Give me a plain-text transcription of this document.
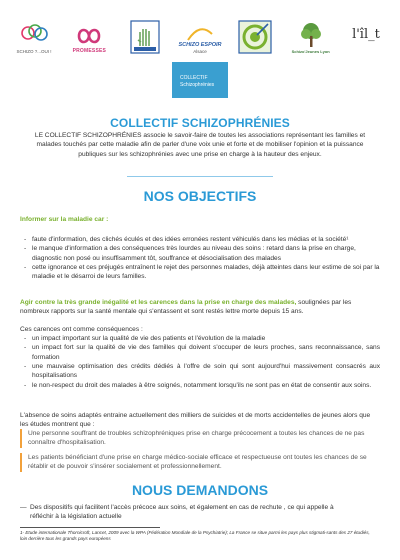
SCHIZO ?...OUI !	PROMESSES
SCHIZO ESPOIR
Alsace	Schizo'Jeunes Lyon
l'îl_t
COLLECTIF
Schizophrénies
COLLECTIF SCHIZOPHRÉNIES

LE COLLECTIF SCHIZOPHRÉNIES associe le savoir-faire de toutes les associations représentant les familles et malades touchés par cette maladie afin de parler d'une voix unie et forte et de mobiliser l'opinion et la puissance publiques sur les schizophrénies avec une prise en charge à la hauteur des enjeux.

NOS OBJECTIFS
Informer sur la maladie car :
- faute d'information, des clichés éculés et des idées erronées restent véhiculés dans les médias et la société¹
- le manque d'information a des conséquences très lourdes au niveau des soins : retard dans la prise en charge, diagnostic non posé ou insuffisamment tôt, souffrance et désocialisation des malades
- cette ignorance et ces préjugés entraînent le rejet des personnes malades, déjà atteintes dans leur estime de soi par la maladie et le désarroi de leurs familles.

Agir contre la très grande inégalité et les carences dans la prise en charge des malades, soulignées par les nombreux rapports sur la santé mentale qui s'entassent et sont restés lettre morte depuis 15 ans.

Ces carences ont comme conséquences :

- un impact important sur la qualité de vie des patients et l'évolution de la maladie
- un impact fort sur la qualité de vie des familles qui doivent s'occuper de leurs proches, sans reconnaissance, sans formation
- une mauvaise optimisation des crédits dédiés à l'offre de soin qui sont aujourd'hui massivement consacrés aux hospitalisations
- le non-respect du droit des malades à être soignés, notamment lorsqu'ils ne sont pas en état de consentir aux soins.

L'absence de soins adaptés entraine actuellement des milliers de suicides et de morts accidentelles de jeunes alors que les études montrent que :

Une personne souffrant de troubles schizophréniques prise en charge précocement a toutes les chances de ne pas connaître d'hospitalisation.

Les patients bénéficiant d'une prise en charge médico-sociale efficace et respectueuse ont toutes les chances de se rétablir et de pouvoir s'insérer socialement et professionnellement.

NOUS DEMANDONS
— Des dispositifs qui facilitent l'accès précoce aux soins, et également en cas de rechute , ce qui appelle à
réfléchir à la législation actuelle

1- Etude internationale Thornicroft, Lancet, 2009 avec la WPA (Fédération Mondiale de la Psychiatrie); La France se situe parmi les pays plus stigmati-sants des 27 étudiés, loin derrière tous les grands pays européens
